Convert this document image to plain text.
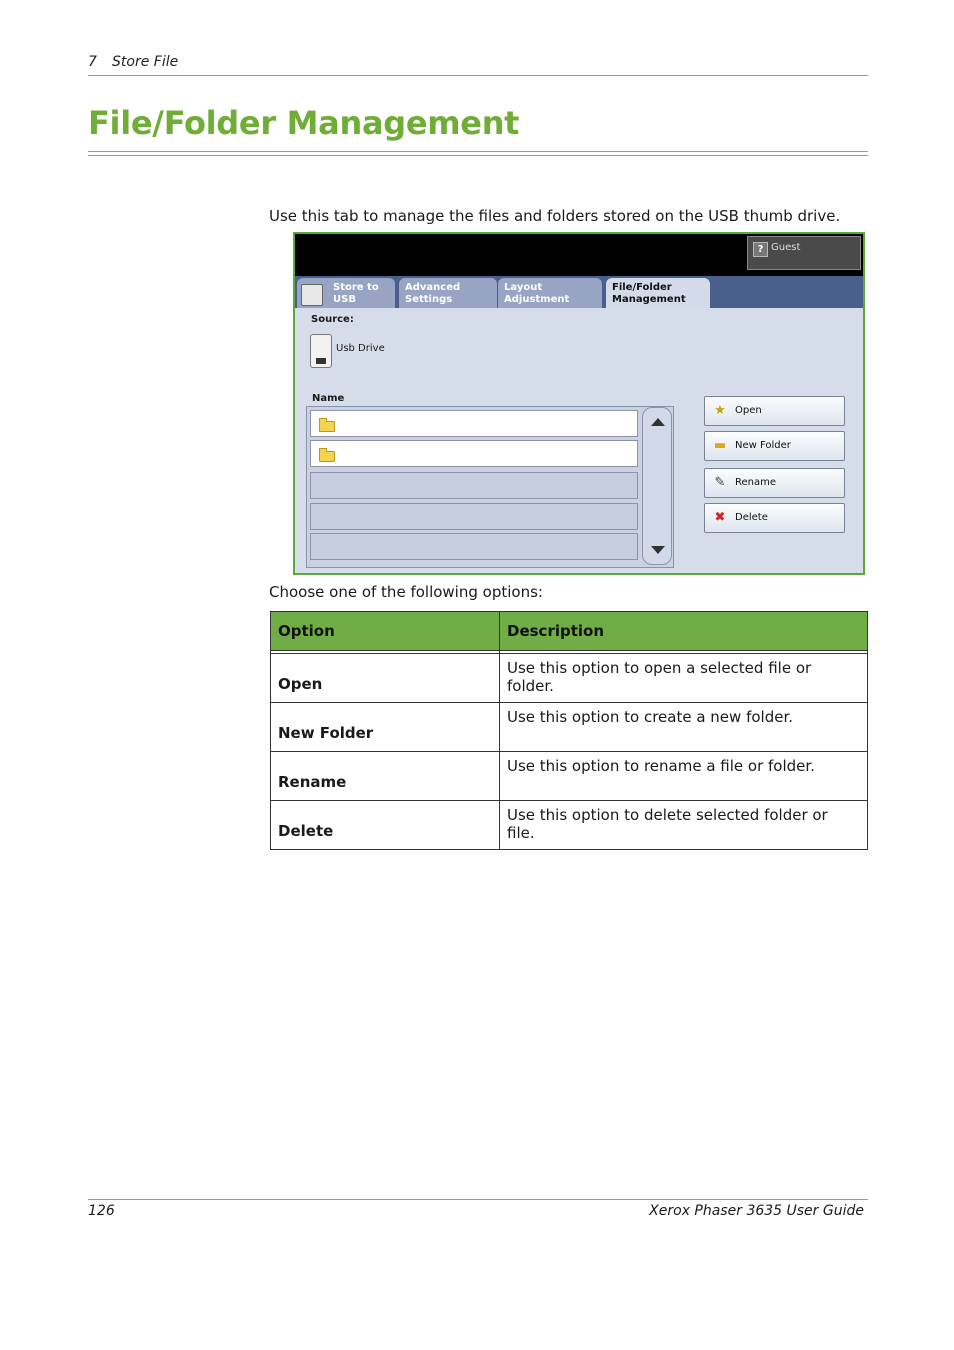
7 Store File
File/Folder Management
Use this tab to manage the files and folders stored on the USB thumb drive.
? Guest
Store to USB
Advanced Settings
Layout Adjustment
File/Folder Management
Source:
Usb Drive
Name
★ Open
▬ New Folder
✎ Rename
✖ Delete
Choose one of the following options:
Option	Description

Open	Use this option to open a selected file or folder.
New Folder	Use this option to create a new folder.
Rename	Use this option to rename a file or folder.
Delete	Use this option to delete selected folder or file.
126	Xerox Phaser 3635 User Guide
